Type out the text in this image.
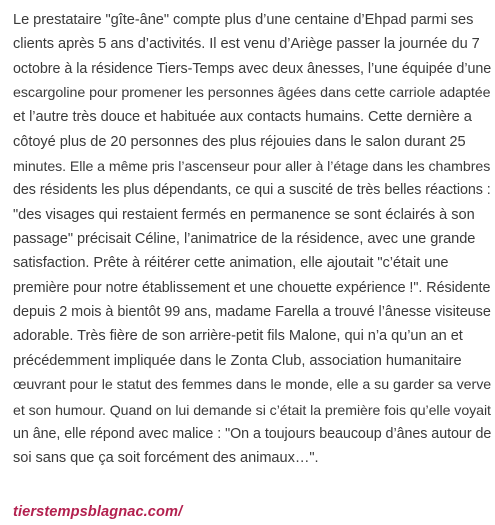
Le prestataire "gîte-âne" compte plus d’une centaine d’Ehpad parmi ses
clients après 5 ans d’activités. Il est venu d’Ariège passer la journée du 7
octobre à la résidence Tiers-Temps avec deux ânesses, l’une équipée d’une
escargoline pour promener les personnes âgées dans cette carriole adaptée
et l’autre très douce et habituée aux contacts humains. Cette dernière a
côtoyé plus de 20 personnes des plus réjouies dans le salon durant 25
minutes. Elle a même pris l’ascenseur pour aller à l’étage dans les chambres
des résidents les plus dépendants, ce qui a suscité de très belles réactions :
"des visages qui restaient fermés en permanence se sont éclairés à son
passage" précisait Céline, l’animatrice de la résidence, avec une grande
satisfaction. Prête à réitérer cette animation, elle ajoutait "c’était une
première pour notre établissement et une chouette expérience !". Résidente
depuis 2 mois à bientôt 99 ans, madame Farella a trouvé l’ânesse visiteuse
adorable. Très fière de son arrière-petit fils Malone, qui n’a qu’un an et
précédemment impliquée dans le Zonta Club, association humanitaire
œuvrant pour le statut des femmes dans le monde, elle a su garder sa verve
et son humour. Quand on lui demande si c’était la première fois qu’elle voyait
un âne, elle répond avec malice : "On a toujours beaucoup d’ânes autour de
soi sans que ça soit forcément des animaux…".
tierstempsblagnac.com/
